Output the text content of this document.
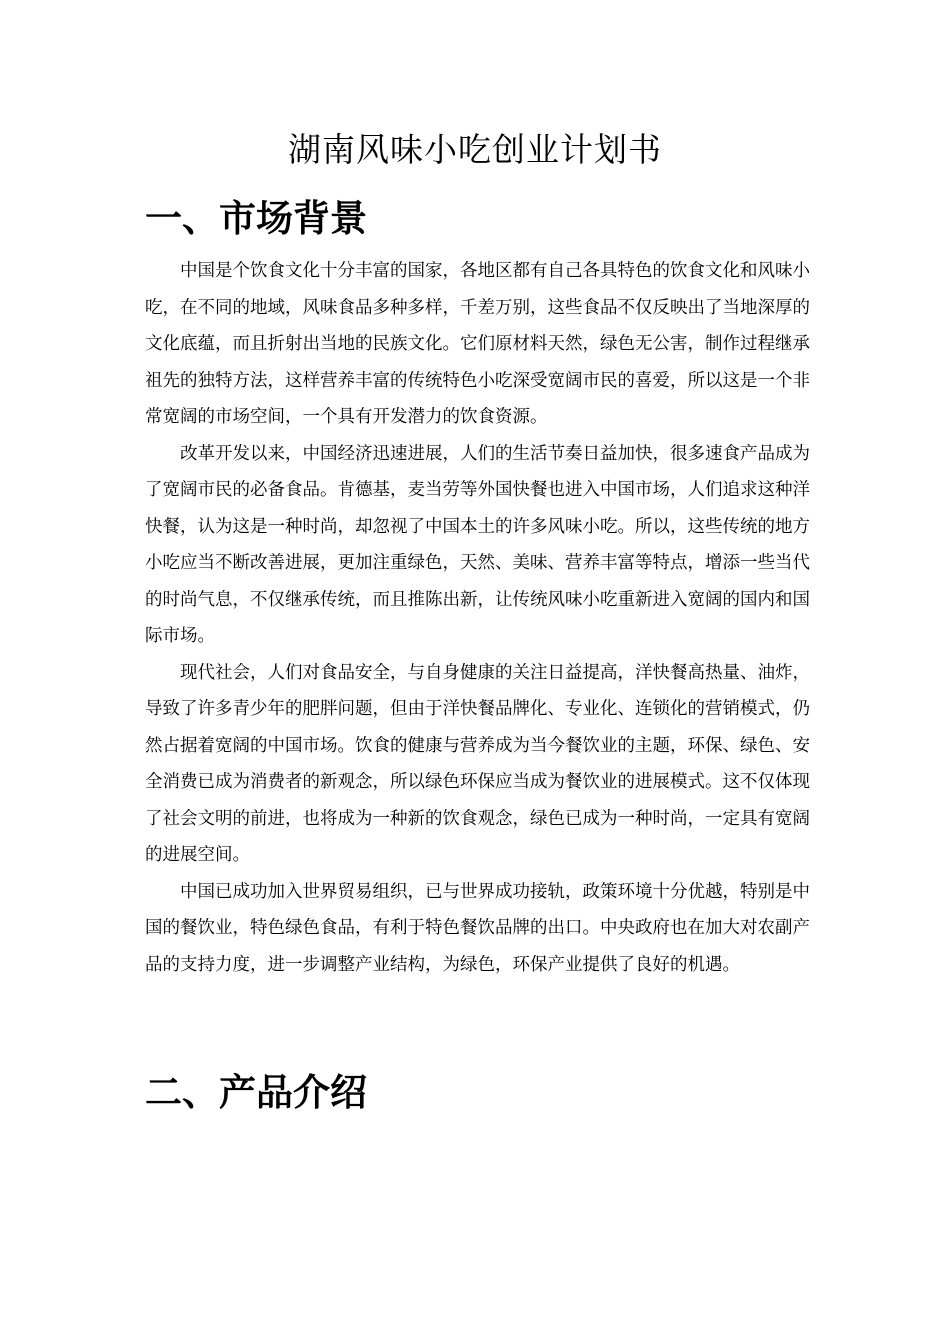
湖南风味小吃创业计划书
一、市场背景

中国是个饮食文化十分丰富的国家，各地区都有自己各具特色的饮食文化和风味小吃，在不同的地域，风味食品多种多样，千差万别，这些食品不仅反映出了当地深厚的文化底蕴，而且折射出当地的民族文化。它们原材料天然，绿色无公害，制作过程继承祖先的独特方法，这样营养丰富的传统特色小吃深受宽阔市民的喜爱，所以这是一个非常宽阔的市场空间，一个具有开发潜力的饮食资源。

改革开发以来，中国经济迅速进展，人们的生活节奏日益加快，很多速食产品成为了宽阔市民的必备食品。肯德基，麦当劳等外国快餐也进入中国市场，人们追求这种洋快餐，认为这是一种时尚，却忽视了中国本土的许多风味小吃。所以，这些传统的地方小吃应当不断改善进展，更加注重绿色，天然、美味、营养丰富等特点，增添一些当代的时尚气息，不仅继承传统，而且推陈出新，让传统风味小吃重新进入宽阔的国内和国际市场。

现代社会，人们对食品安全，与自身健康的关注日益提高，洋快餐高热量、油炸，导致了许多青少年的肥胖问题，但由于洋快餐品牌化、专业化、连锁化的营销模式，仍然占据着宽阔的中国市场。饮食的健康与营养成为当今餐饮业的主题，环保、绿色、安全消费已成为消费者的新观念，所以绿色环保应当成为餐饮业的进展模式。这不仅体现了社会文明的前进，也将成为一种新的饮食观念，绿色已成为一种时尚，一定具有宽阔的进展空间。

中国已成功加入世界贸易组织，已与世界成功接轨，政策环境十分优越，特别是中国的餐饮业，特色绿色食品，有利于特色餐饮品牌的出口。中央政府也在加大对农副产品的支持力度，进一步调整产业结构，为绿色，环保产业提供了良好的机遇。

二、产品介绍
